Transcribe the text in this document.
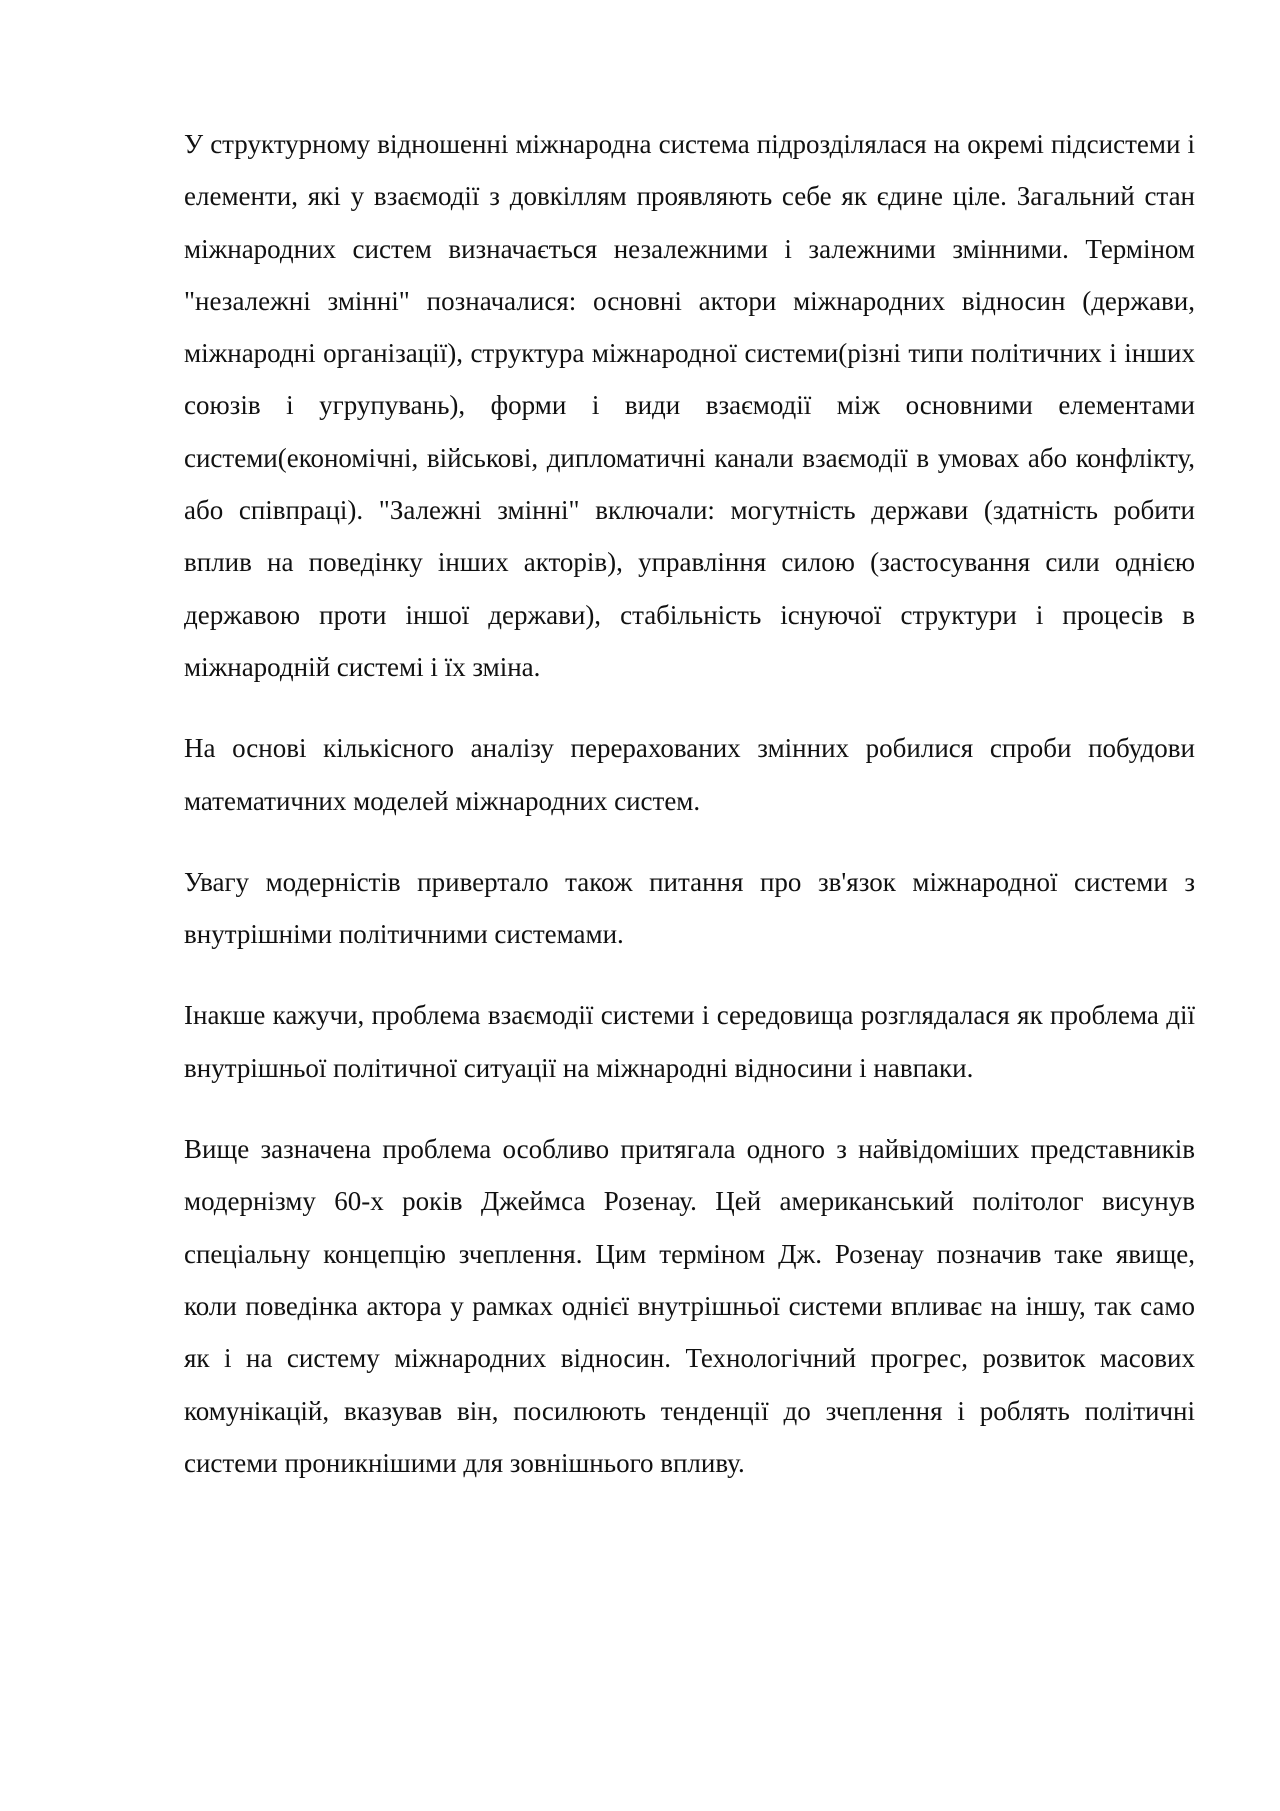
У структурному відношенні міжнародна система підрозділялася на окремі підсистеми і елементи, які у взаємодії з довкіллям проявляють себе як єдине ціле. Загальний стан міжнародних систем визначається незалежними і залежними змінними. Терміном "незалежні змінні" позначалися: основні актори міжнародних відносин (держави, міжнародні організації), структура міжнародної системи(різні типи політичних і інших союзів і угрупувань), форми і види взаємодії між основними елементами системи(економічні, військові, дипломатичні канали взаємодії в умовах або конфлікту, або співпраці). "Залежні змінні" включали: могутність держави (здатність робити вплив на поведінку інших акторів), управління силою (застосування сили однією державою проти іншої держави), стабільність існуючої структури і процесів в міжнародній системі і їх зміна.

На основі кількісного аналізу перерахованих змінних робилися спроби побудови математичних моделей міжнародних систем.

Увагу модерністів привертало також питання про зв'язок міжнародної системи з внутрішніми політичними системами.

Інакше кажучи, проблема взаємодії системи і середовища розглядалася як проблема дії внутрішньої політичної ситуації на міжнародні відносини і навпаки.

Вище зазначена проблема особливо притягала одного з найвідоміших представників модернізму 60-х років Джеймса Розенау. Цей американський політолог висунув спеціальну концепцію зчеплення. Цим терміном Дж. Розенау позначив таке явище, коли поведінка актора у рамках однієї внутрішньої системи впливає на іншу, так само як і на систему міжнародних відносин. Технологічний прогрес, розвиток масових комунікацій, вказував він, посилюють тенденції до зчеплення і роблять політичні системи проникнішими для зовнішнього впливу.
